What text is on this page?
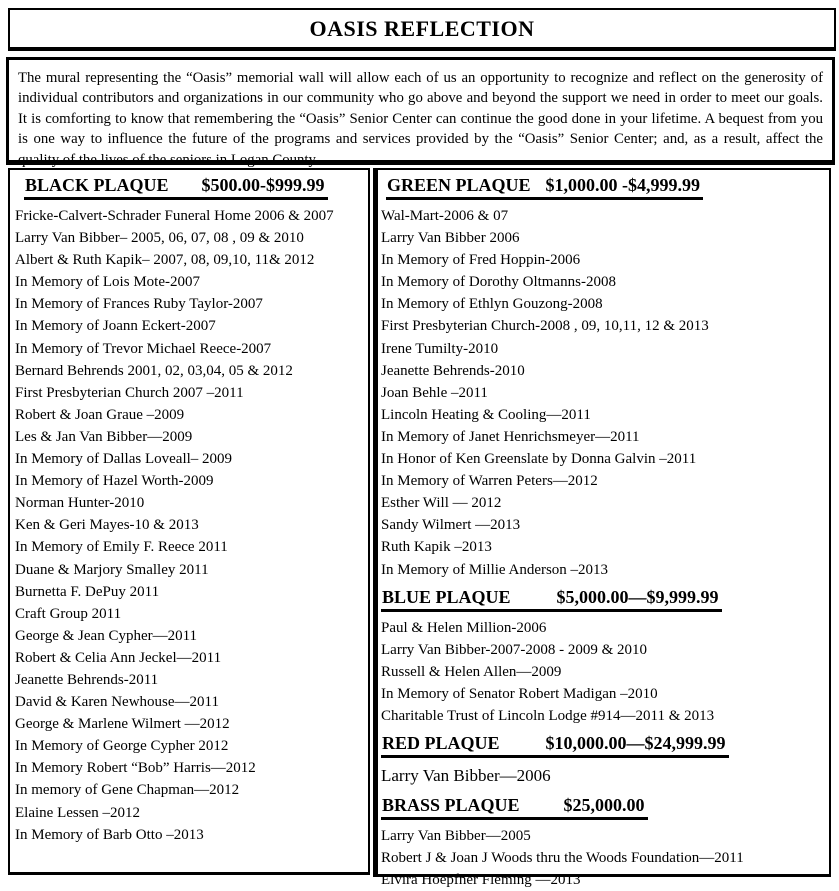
OASIS REFLECTION

The mural representing the “Oasis” memorial wall will allow each of us an opportunity to recognize and reflect on the generosity of individual contributors and organizations in our community who go above and beyond the support we need in order to meet our goals. It is comforting to know that remembering the “Oasis” Senior Center can continue the good done in your lifetime. A bequest from you is one way to influence the future of the programs and services provided by the “Oasis” Senior Center; and, as a result, affect the quality of the lives of the seniors in Logan County.

BLACK PLAQUE $500.00-$999.99
Fricke-Calvert-Schrader Funeral Home 2006 & 2007
Larry Van Bibber– 2005, 06, 07, 08 , 09 & 2010
Albert & Ruth Kapik– 2007, 08, 09,10, 11& 2012
In Memory of Lois Mote-2007
In Memory of Frances Ruby Taylor-2007
In Memory of Joann Eckert-2007
In Memory of Trevor Michael Reece-2007
Bernard Behrends 2001, 02, 03,04, 05 & 2012
First Presbyterian Church 2007 –2011
Robert & Joan Graue –2009
Les & Jan Van Bibber—2009
In Memory of Dallas Loveall– 2009
In Memory of Hazel Worth-2009
Norman Hunter-2010
Ken & Geri Mayes-10 & 2013
In Memory of Emily F. Reece 2011
Duane & Marjory Smalley 2011
Burnetta F. DePuy 2011
Craft Group 2011
George & Jean Cypher—2011
Robert & Celia Ann Jeckel—2011
Jeanette Behrends-2011
David & Karen Newhouse—2011
George & Marlene Wilmert —2012
In Memory of George Cypher 2012
In Memory Robert “Bob” Harris—2012
In memory of Gene Chapman—2012
Elaine Lessen –2012
In Memory of Barb Otto –2013
GREEN PLAQUE $1,000.00 -$4,999.99
Wal-Mart-2006 & 07
Larry Van Bibber 2006
In Memory of Fred Hoppin-2006
In Memory of Dorothy Oltmanns-2008
In Memory of Ethlyn Gouzong-2008
First Presbyterian Church-2008 , 09, 10,11, 12 & 2013
Irene Tumilty-2010
Jeanette Behrends-2010
Joan Behle –2011
Lincoln Heating & Cooling—2011
In Memory of Janet Henrichsmeyer—2011
In Honor of Ken Greenslate by Donna Galvin –2011
In Memory of Warren Peters—2012
Esther Will — 2012
Sandy Wilmert —2013
Ruth Kapik –2013
In Memory of Millie Anderson –2013
BLUE PLAQUE	$5,000.00—$9,999.99
Paul & Helen Million-2006
Larry Van Bibber-2007-2008 - 2009 & 2010
Russell & Helen Allen—2009
In Memory of Senator Robert Madigan –2010
Charitable Trust of Lincoln Lodge #914—2011 & 2013
RED PLAQUE	$10,000.00—$24,999.99
Larry Van Bibber—2006
BRASS PLAQUE $25,000.00
Larry Van Bibber—2005
Robert J & Joan J Woods thru the Woods Foundation—2011
Elvira Hoepfner Fleming —2013
